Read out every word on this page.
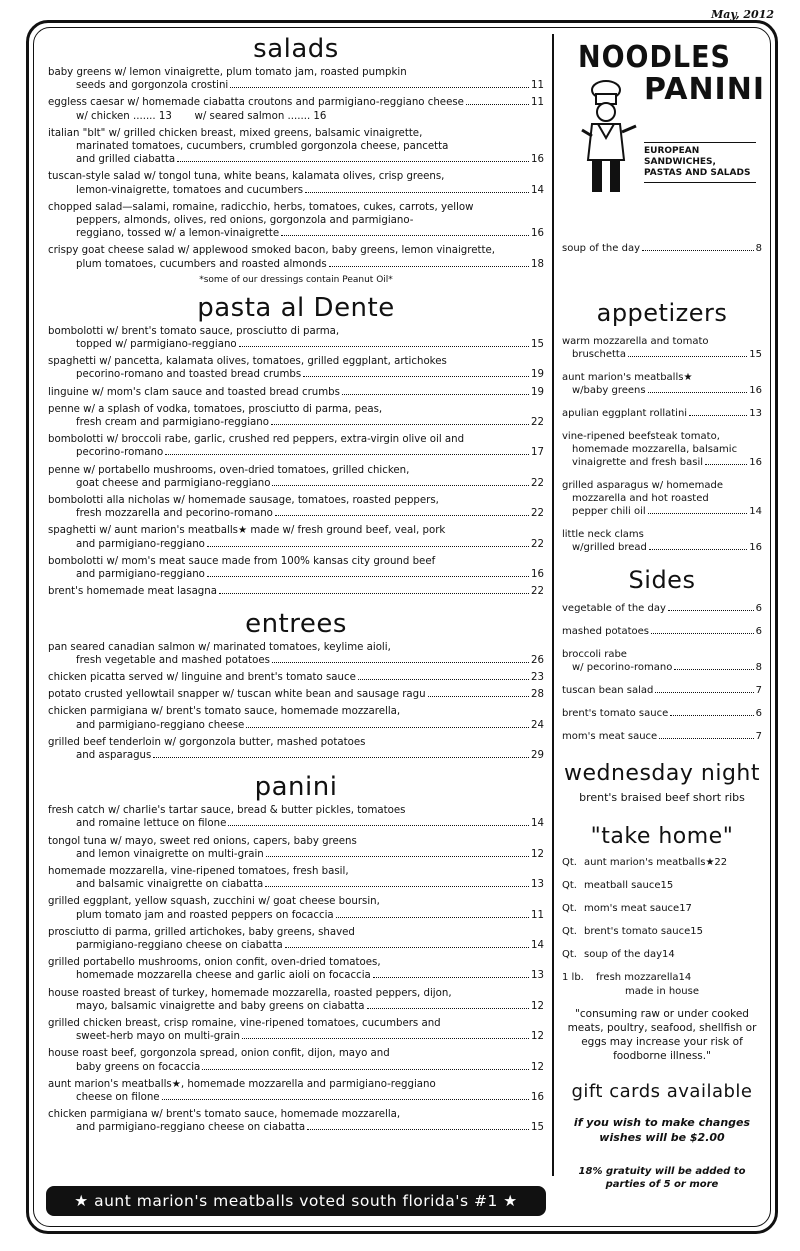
May, 2012
salads
baby greens w/ lemon vinaigrette, plum tomato jam, roasted pumpkin
seeds and gorgonzola crostini	11
eggless caesar w/ homemade ciabatta croutons and parmigiano-reggiano cheese	11
w/ chicken ....... 13       w/ seared salmon ....... 16
italian "blt" w/ grilled chicken breast, mixed greens, balsamic vinaigrette,
marinated tomatoes, cucumbers, crumbled gorgonzola cheese, pancetta
and grilled ciabatta	16
tuscan-style salad w/ tongol tuna, white beans, kalamata olives, crisp greens,
lemon-vinaigrette, tomatoes and cucumbers	14
chopped salad—salami, romaine, radicchio, herbs, tomatoes, cukes, carrots, yellow
peppers, almonds, olives, red onions, gorgonzola and parmigiano-
reggiano, tossed w/ a lemon-vinaigrette	16
crispy goat cheese salad w/ applewood smoked bacon, baby greens, lemon vinaigrette,
plum tomatoes, cucumbers and roasted almonds	18
*some of our dressings contain Peanut Oil*
pasta al Dente
bombolotti w/ brent's tomato sauce, prosciutto di parma,
topped w/ parmigiano-reggiano	15
spaghetti w/ pancetta, kalamata olives, tomatoes, grilled eggplant, artichokes
pecorino-romano and toasted bread crumbs	19
linguine w/ mom's clam sauce and toasted bread crumbs	19
penne w/ a splash of vodka, tomatoes, prosciutto di parma, peas,
fresh cream and parmigiano-reggiano	22
bombolotti w/ broccoli rabe, garlic, crushed red peppers, extra-virgin olive oil and
pecorino-romano	17
penne w/ portabello mushrooms, oven-dried tomatoes, grilled chicken,
goat cheese and parmigiano-reggiano	22
bombolotti alla nicholas w/ homemade sausage, tomatoes, roasted peppers,
fresh mozzarella and pecorino-romano	22
spaghetti w/ aunt marion's meatballs★ made w/ fresh ground beef, veal, pork
and parmigiano-reggiano	22
bombolotti w/ mom's meat sauce made from 100% kansas city ground beef
and parmigiano-reggiano	16
brent's homemade meat lasagna	22
entrees
pan seared canadian salmon w/ marinated tomatoes, keylime aioli,
fresh vegetable and mashed potatoes	26
chicken picatta served w/ linguine and brent's tomato sauce	23
potato crusted yellowtail snapper w/ tuscan white bean and sausage ragu	28
chicken parmigiana w/ brent's tomato sauce, homemade mozzarella,
and parmigiano-reggiano cheese	24
grilled beef tenderloin w/ gorgonzola butter, mashed potatoes
and asparagus	29
panini
fresh catch w/ charlie's tartar sauce, bread & butter pickles, tomatoes
and romaine lettuce on filone	14
tongol tuna w/ mayo, sweet red onions, capers, baby greens
and lemon vinaigrette on multi-grain	12
homemade mozzarella, vine-ripened tomatoes, fresh basil,
and balsamic vinaigrette on ciabatta	13
grilled eggplant, yellow squash, zucchini w/ goat cheese boursin,
plum tomato jam and roasted peppers on focaccia	11
prosciutto di parma, grilled artichokes, baby greens, shaved
parmigiano-reggiano cheese on ciabatta	14
grilled portabello mushrooms, onion confit, oven-dried tomatoes,
homemade mozzarella cheese and garlic aioli on focaccia	13
house roasted breast of turkey, homemade mozzarella, roasted peppers, dijon,
mayo, balsamic vinaigrette and baby greens on ciabatta	12
grilled chicken breast, crisp romaine, vine-ripened tomatoes, cucumbers and
sweet-herb mayo on multi-grain	12
house roast beef, gorgonzola spread, onion confit, dijon, mayo and
baby greens on focaccia	12
aunt marion's meatballs★, homemade mozzarella and parmigiano-reggiano
cheese on filone	16
chicken parmigiana w/ brent's tomato sauce, homemade mozzarella,
and parmigiano-reggiano cheese on ciabatta	15
★ aunt marion's meatballs voted south florida's #1 ★
NOODLES
PANINI
EUROPEAN SANDWICHES,
PASTAS AND SALADS
soup of the day	8
appetizers
warm mozzarella and tomato
bruschetta	15
aunt marion's meatballs★
w/baby greens	16
apulian eggplant rollatini	13
vine-ripened beefsteak tomato,
homemade mozzarella, balsamic
vinaigrette and fresh basil	16
grilled asparagus w/ homemade
mozzarella and hot roasted
pepper chili oil	14
little neck clams
w/grilled bread	16
Sides
vegetable of the day	6
mashed potatoes	6
broccoli rabe
w/ pecorino-romano	8
tuscan bean salad	7
brent's tomato sauce	6
mom's meat sauce	7
wednesday night
brent's braised beef short ribs
"take home"
Qt. aunt marion's meatballs★ 22
Qt. meatball sauce 15
Qt. mom's meat sauce 17
Qt. brent's tomato sauce 15
Qt. soup of the day 14
1 lb.	fresh mozzarella 14
made in house
"consuming raw or under cooked meats, poultry, seafood, shellfish or eggs may increase your risk of foodborne illness."
gift cards available
if you wish to make changes wishes will be $2.00
18% gratuity will be added to parties of 5 or more
